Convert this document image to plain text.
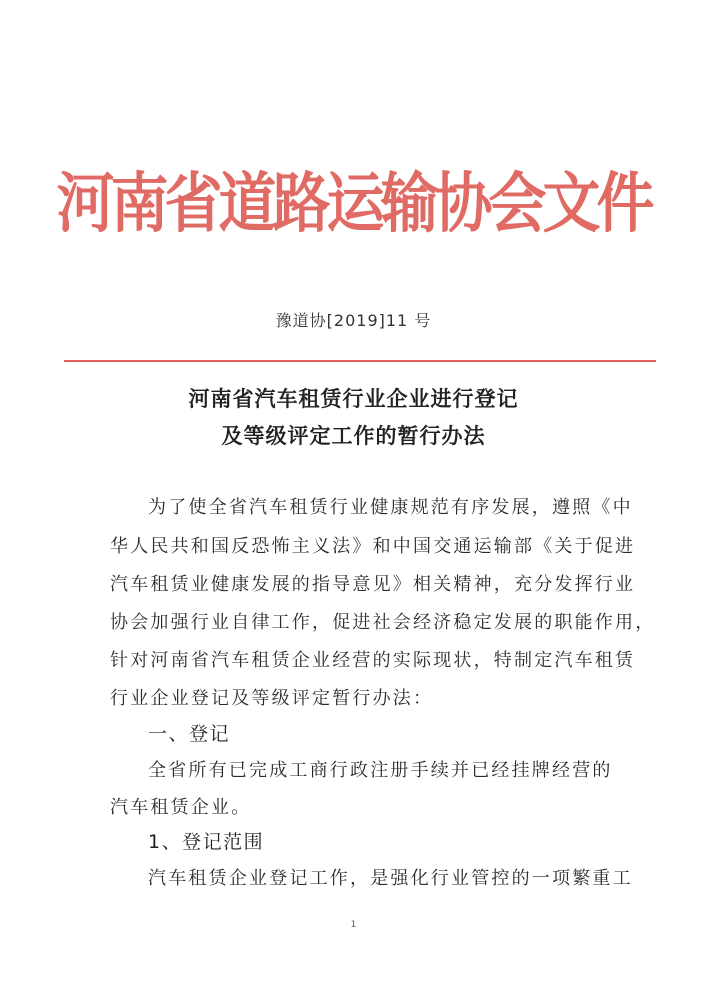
河南省道路运输协会文件
豫道协[2019]11 号
河南省汽车租赁行业企业进行登记
及等级评定工作的暂行办法
为了使全省汽车租赁行业健康规范有序发展，遵照《中
华人民共和国反恐怖主义法》和中国交通运输部《关于促进
汽车租赁业健康发展的指导意见》相关精神，充分发挥行业
协会加强行业自律工作，促进社会经济稳定发展的职能作用，
针对河南省汽车租赁企业经营的实际现状，特制定汽车租赁
行业企业登记及等级评定暂行办法：
一、登记
全省所有已完成工商行政注册手续并已经挂牌经营的
汽车租赁企业。
1、登记范围
汽车租赁企业登记工作，是强化行业管控的一项繁重工
1
